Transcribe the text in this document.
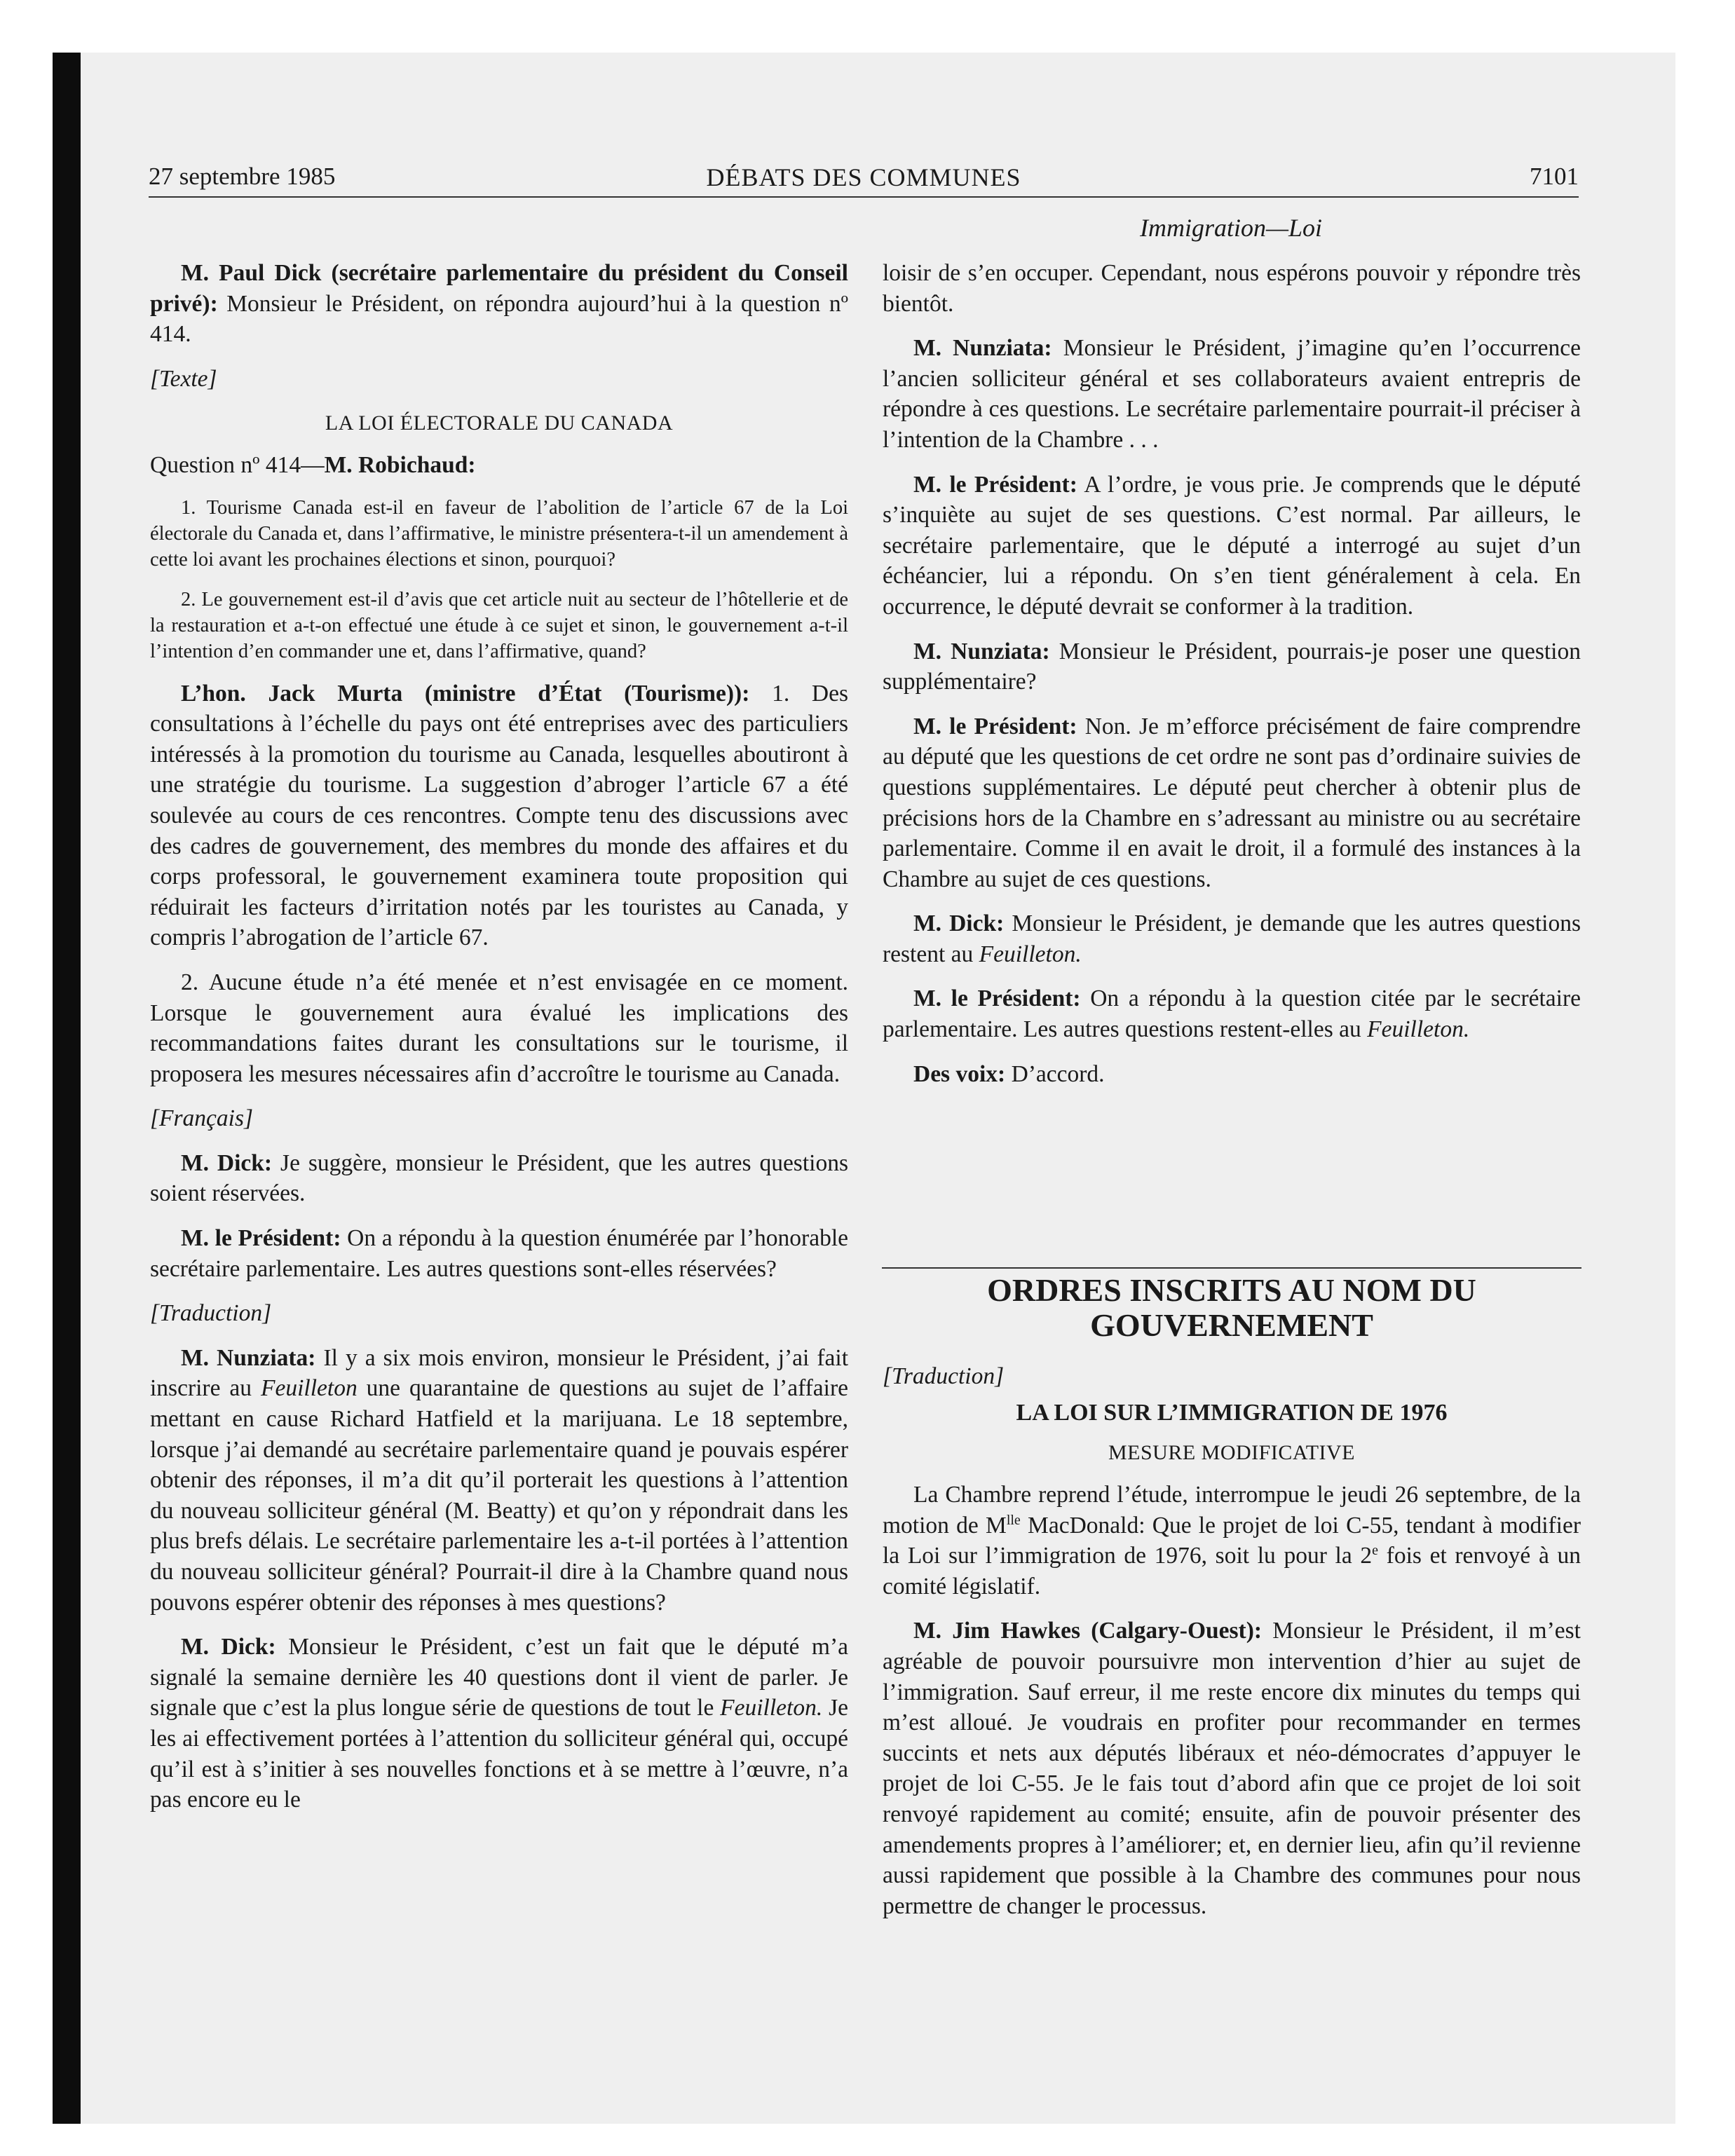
27 septembre 1985	DÉBATS DES COMMUNES	7101
Immigration—Loi

M. Paul Dick (secrétaire parlementaire du président du Conseil privé): Monsieur le Président, on répondra aujourd’hui à la question nº 414.

[Texte]

LA LOI ÉLECTORALE DU CANADA

Question nº 414—M. Robichaud:

1. Tourisme Canada est-il en faveur de l’abolition de l’article 67 de la Loi électorale du Canada et, dans l’affirmative, le ministre présentera-t-il un amendement à cette loi avant les prochaines élections et sinon, pourquoi?

2. Le gouvernement est-il d’avis que cet article nuit au secteur de l’hôtellerie et de la restauration et a-t-on effectué une étude à ce sujet et sinon, le gouvernement a-t-il l’intention d’en commander une et, dans l’affirmative, quand?

L’hon. Jack Murta (ministre d’État (Tourisme)): 1. Des consultations à l’échelle du pays ont été entreprises avec des particuliers intéressés à la promotion du tourisme au Canada, lesquelles aboutiront à une stratégie du tourisme. La suggestion d’abroger l’article 67 a été soulevée au cours de ces rencontres. Compte tenu des discussions avec des cadres de gouvernement, des membres du monde des affaires et du corps professoral, le gouvernement examinera toute proposition qui réduirait les facteurs d’irritation notés par les touristes au Canada, y compris l’abrogation de l’article 67.

2. Aucune étude n’a été menée et n’est envisagée en ce moment. Lorsque le gouvernement aura évalué les implications des recommandations faites durant les consultations sur le tourisme, il proposera les mesures nécessaires afin d’accroître le tourisme au Canada.

[Français]

M. Dick: Je suggère, monsieur le Président, que les autres questions soient réservées.

M. le Président: On a répondu à la question énumérée par l’honorable secrétaire parlementaire. Les autres questions sont-elles réservées?

[Traduction]

M. Nunziata: Il y a six mois environ, monsieur le Président, j’ai fait inscrire au Feuilleton une quarantaine de questions au sujet de l’affaire mettant en cause Richard Hatfield et la marijuana. Le 18 septembre, lorsque j’ai demandé au secrétaire parlementaire quand je pouvais espérer obtenir des réponses, il m’a dit qu’il porterait les questions à l’attention du nouveau solliciteur général (M. Beatty) et qu’on y répondrait dans les plus brefs délais. Le secrétaire parlementaire les a-t-il portées à l’attention du nouveau solliciteur général? Pourrait-il dire à la Chambre quand nous pouvons espérer obtenir des réponses à mes questions?

M. Dick: Monsieur le Président, c’est un fait que le député m’a signalé la semaine dernière les 40 questions dont il vient de parler. Je signale que c’est la plus longue série de questions de tout le Feuilleton. Je les ai effectivement portées à l’attention du solliciteur général qui, occupé qu’il est à s’initier à ses nouvelles fonctions et à se mettre à l’œuvre, n’a pas encore eu le

loisir de s’en occuper. Cependant, nous espérons pouvoir y répondre très bientôt.

M. Nunziata: Monsieur le Président, j’imagine qu’en l’occurrence l’ancien solliciteur général et ses collaborateurs avaient entrepris de répondre à ces questions. Le secrétaire parlementaire pourrait-il préciser à l’intention de la Chambre . . .

M. le Président: A l’ordre, je vous prie. Je comprends que le député s’inquiète au sujet de ses questions. C’est normal. Par ailleurs, le secrétaire parlementaire, que le député a interrogé au sujet d’un échéancier, lui a répondu. On s’en tient généralement à cela. En occurrence, le député devrait se conformer à la tradition.

M. Nunziata: Monsieur le Président, pourrais-je poser une question supplémentaire?

M. le Président: Non. Je m’efforce précisément de faire comprendre au député que les questions de cet ordre ne sont pas d’ordinaire suivies de questions supplémentaires. Le député peut chercher à obtenir plus de précisions hors de la Chambre en s’adressant au ministre ou au secrétaire parlementaire. Comme il en avait le droit, il a formulé des instances à la Chambre au sujet de ces questions.

M. Dick: Monsieur le Président, je demande que les autres questions restent au Feuilleton.

M. le Président: On a répondu à la question citée par le secrétaire parlementaire. Les autres questions restent-elles au Feuilleton.

Des voix: D’accord.

ORDRES INSCRITS AU NOM DU GOUVERNEMENT

[Traduction]

LA LOI SUR L’IMMIGRATION DE 1976
MESURE MODIFICATIVE

La Chambre reprend l’étude, interrompue le jeudi 26 septembre, de la motion de $M^{lle}$ MacDonald: Que le projet de loi C-55, tendant à modifier la Loi sur l’immigration de 1976, soit lu pour la 2e fois et renvoyé à un comité législatif.

M. Jim Hawkes (Calgary-Ouest): Monsieur le Président, il m’est agréable de pouvoir poursuivre mon intervention d’hier au sujet de l’immigration. Sauf erreur, il me reste encore dix minutes du temps qui m’est alloué. Je voudrais en profiter pour recommander en termes succints et nets aux députés libéraux et néo-démocrates d’appuyer le projet de loi C-55. Je le fais tout d’abord afin que ce projet de loi soit renvoyé rapidement au comité; ensuite, afin de pouvoir présenter des amendements propres à l’améliorer; et, en dernier lieu, afin qu’il revienne aussi rapidement que possible à la Chambre des communes pour nous permettre de changer le processus.
